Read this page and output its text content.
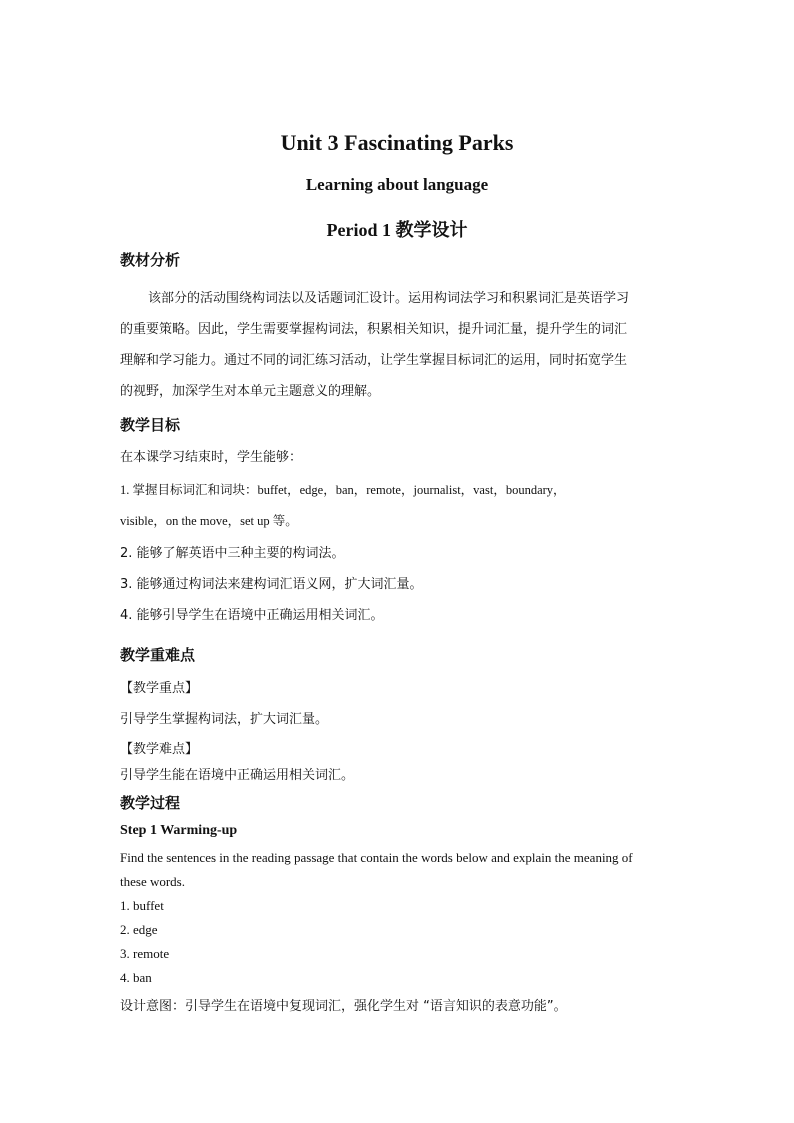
Unit 3 Fascinating Parks
Learning about language
Period 1 教学设计
教材分析
该部分的活动围绕构词法以及话题词汇设计。运用构词法学习和积累词汇是英语学习
的重要策略。因此，学生需要掌握构词法，积累相关知识，提升词汇量，提升学生的词汇
理解和学习能力。通过不同的词汇练习活动，让学生掌握目标词汇的运用，同时拓宽学生
的视野，加深学生对本单元主题意义的理解。
教学目标
在本课学习结束时，学生能够：
1. 掌握目标词汇和词块：buffet，edge，ban，remote，journalist，vast，boundary，
visible，on the move，set up 等。
2. 能够了解英语中三种主要的构词法。
3. 能够通过构词法来建构词汇语义网，扩大词汇量。
4. 能够引导学生在语境中正确运用相关词汇。
教学重难点
【教学重点】
引导学生掌握构词法，扩大词汇量。
【教学难点】
引导学生能在语境中正确运用相关词汇。
教学过程
Step 1 Warming-up
Find the sentences in the reading passage that contain the words below and explain the meaning of
these words.
1. buffet
2. edge
3. remote
4. ban
设计意图：引导学生在语境中复现词汇，强化学生对 “语言知识的表意功能”。
